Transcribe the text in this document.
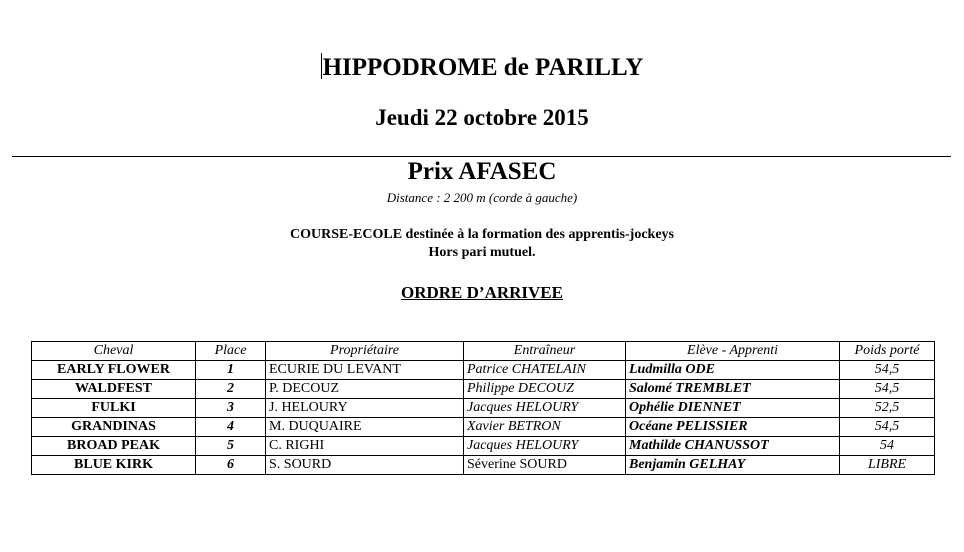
HIPPODROME de PARILLY
Jeudi 22 octobre 2015
Prix AFASEC
Distance : 2 200 m (corde à gauche)
COURSE-ECOLE destinée à la formation des apprentis-jockeys
Hors pari mutuel.
ORDRE D’ARRIVEE
Cheval	Place	Propriétaire	Entraîneur	Elève - Apprenti	Poids porté
EARLY FLOWER	1	ECURIE DU LEVANT	Patrice CHATELAIN	Ludmilla ODE	54,5
WALDFEST	2	P. DECOUZ	Philippe DECOUZ	Salomé TREMBLET	54,5
FULKI	3	J. HELOURY	Jacques HELOURY	Ophélie DIENNET	52,5
GRANDINAS	4	M. DUQUAIRE	Xavier BETRON	Océane PELISSIER	54,5
BROAD PEAK	5	C. RIGHI	Jacques HELOURY	Mathilde CHANUSSOT	54
BLUE KIRK	6	S. SOURD	Séverine SOURD	Benjamin GELHAY	LIBRE
